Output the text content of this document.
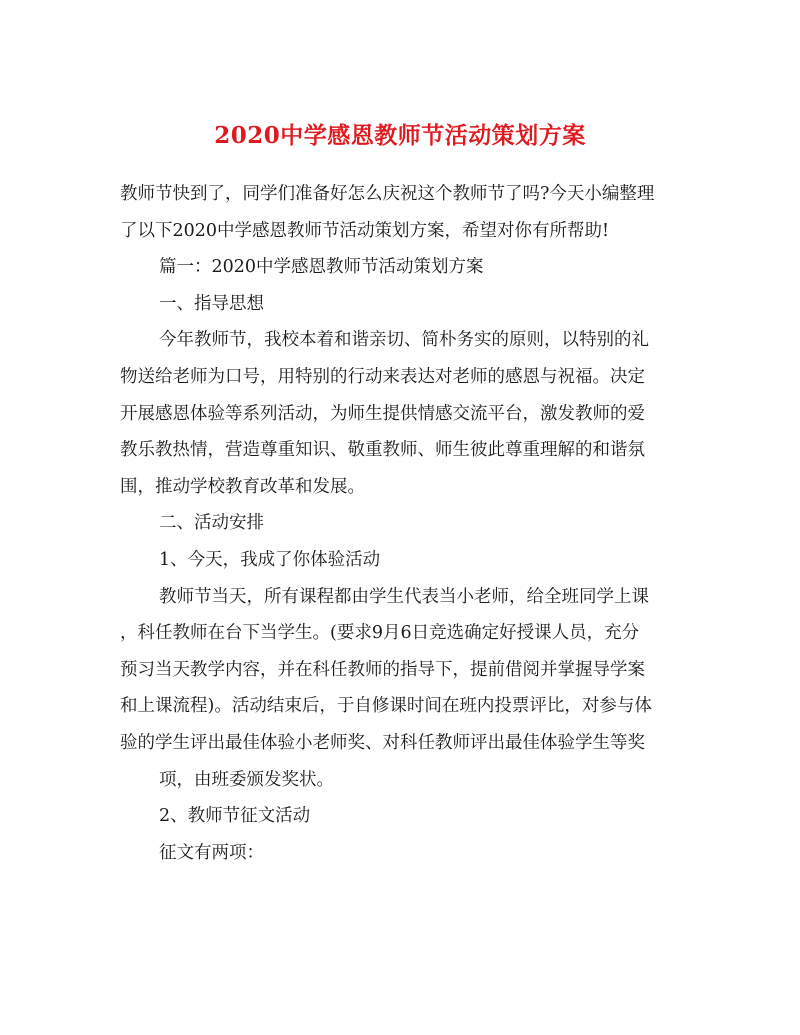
2020中学感恩教师节活动策划方案

教师节快到了，同学们准备好怎么庆祝这个教师节了吗?今天小编整理
了以下2020中学感恩教师节活动策划方案，希望对你有所帮助!

篇一：2020中学感恩教师节活动策划方案

一、指导思想

今年教师节，我校本着和谐亲切、简朴务实的原则，以特别的礼
物送给老师为口号，用特别的行动来表达对老师的感恩与祝福。决定
开展感恩体验等系列活动，为师生提供情感交流平台，激发教师的爱
教乐教热情，营造尊重知识、敬重教师、师生彼此尊重理解的和谐氛
围，推动学校教育改革和发展。

二、活动安排

1、今天，我成了你体验活动

教师节当天，所有课程都由学生代表当小老师，给全班同学上课
，科任教师在台下当学生。(要求9月6日竞选确定好授课人员，充分
预习当天教学内容，并在科任教师的指导下，提前借阅并掌握导学案
和上课流程)。活动结束后，于自修课时间在班内投票评比，对参与体
验的学生评出最佳体验小老师奖、对科任教师评出最佳体验学生等奖
项，由班委颁发奖状。

2、教师节征文活动

征文有两项：
